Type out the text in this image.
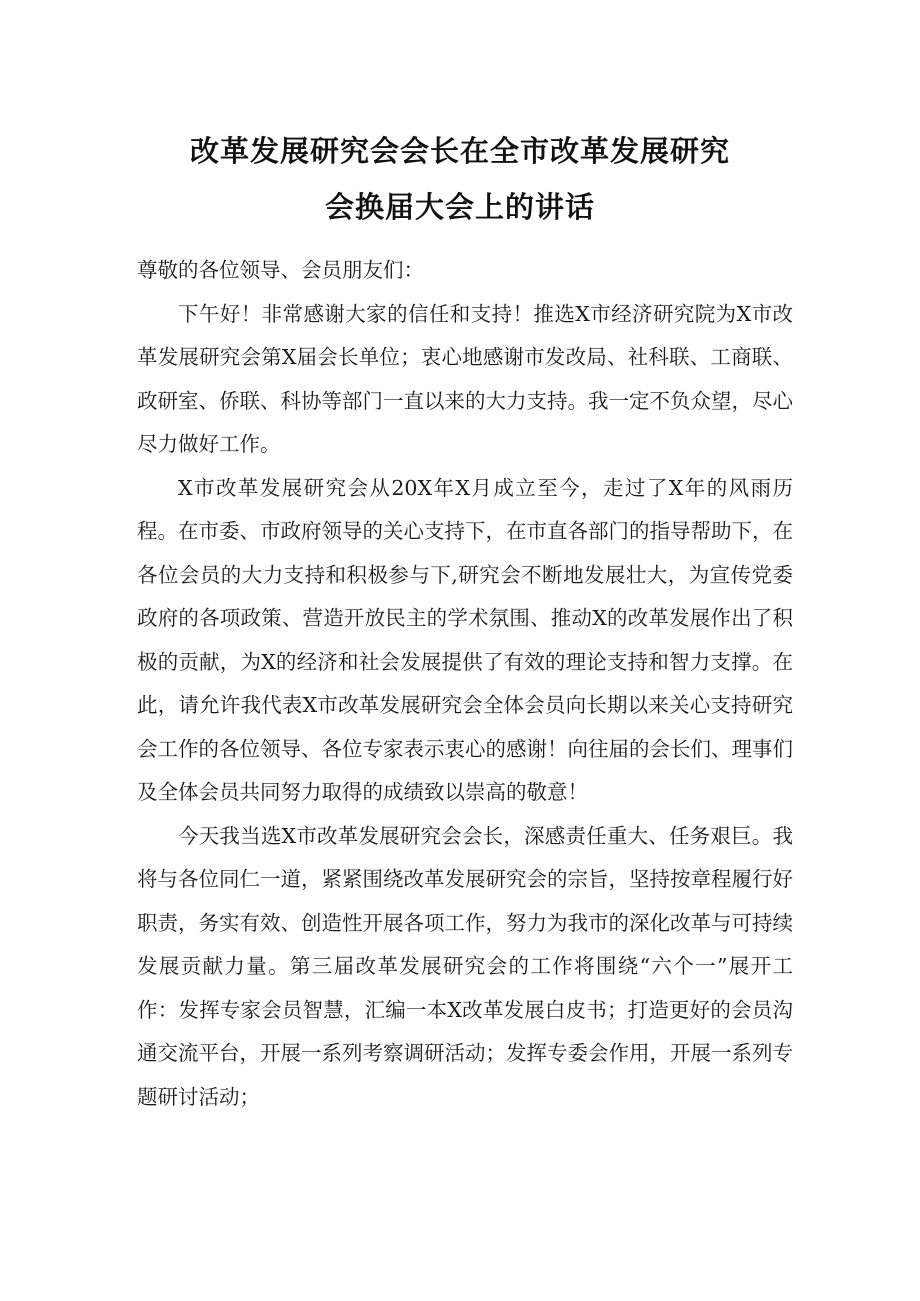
改革发展研究会会长在全市改革发展研究
会换届大会上的讲话

尊敬的各位领导、会员朋友们：

下午好！非常感谢大家的信任和支持！推选X市经济研究院为X市改革发展研究会第X届会长单位；衷心地感谢市发改局、社科联、工商联、政研室、侨联、科协等部门一直以来的大力支持。我一定不负众望，尽心尽力做好工作。

X市改革发展研究会从20X年X月成立至今，走过了X年的风雨历程。在市委、市政府领导的关心支持下，在市直各部门的指导帮助下，在各位会员的大力支持和积极参与下,研究会不断地发展壮大，为宣传党委政府的各项政策、营造开放民主的学术氛围、推动X的改革发展作出了积极的贡献，为X的经济和社会发展提供了有效的理论支持和智力支撑。在此，请允许我代表X市改革发展研究会全体会员向长期以来关心支持研究会工作的各位领导、各位专家表示衷心的感谢！向往届的会长们、理事们及全体会员共同努力取得的成绩致以崇高的敬意！

今天我当选X市改革发展研究会会长，深感责任重大、任务艰巨。我将与各位同仁一道，紧紧围绕改革发展研究会的宗旨，坚持按章程履行好职责，务实有效、创造性开展各项工作，努力为我市的深化改革与可持续发展贡献力量。第三届改革发展研究会的工作将围绕“六个一”展开工作：发挥专家会员智慧，汇编一本X改革发展白皮书；打造更好的会员沟通交流平台，开展一系列考察调研活动；发挥专委会作用，开展一系列专题研讨活动；
